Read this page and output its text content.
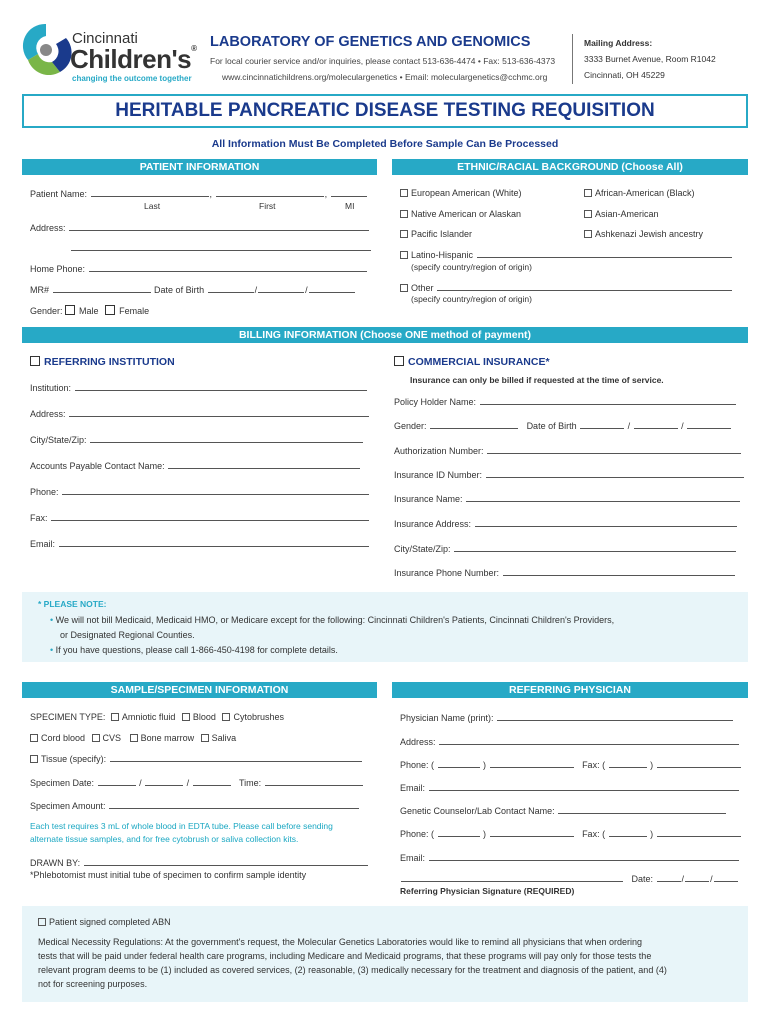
Cincinnati
Children's®
changing the outcome together
LABORATORY OF GENETICS AND GENOMICS
For local courier service and/or inquiries, please contact 513-636-4474 • Fax: 513-636-4373
www.cincinnatichildrens.org/moleculargenetics • Email: moleculargenetics@cchmc.org
Mailing Address:
3333 Burnet Avenue, Room R1042
Cincinnati, OH 45229
HERITABLE PANCREATIC DISEASE TESTING REQUISITION
All Information Must Be Completed Before Sample Can Be Processed
PATIENT INFORMATION	ETHNIC/RACIAL BACKGROUND (Choose All)
Patient Name:	,	,
Last	First	MI
Address:
Home Phone:
MR#	Date of Birth	/	/
Gender: Male Female
European American (White)	African-American (Black)
Native American or Alaskan	Asian-American
Pacific Islander	Ashkenazi Jewish ancestry
Latino-Hispanic
(specify country/region of origin)
Other
(specify country/region of origin)
BILLING INFORMATION (Choose ONE method of payment)
REFERRING INSTITUTION
Institution:
Address:
City/State/Zip:
Accounts Payable Contact Name:
Phone:
Fax:
Email:
COMMERCIAL INSURANCE*
Insurance can only be billed if requested at the time of service.
Policy Holder Name:
Gender:	Date of Birth	/	/
Authorization Number:
Insurance ID Number:
Insurance Name:
Insurance Address:
City/State/Zip:
Insurance Phone Number:
* PLEASE NOTE:
• We will not bill Medicaid, Medicaid HMO, or Medicare except for the following: Cincinnati Children's Patients, Cincinnati Children's Providers,
or Designated Regional Counties.
• If you have questions, please call 1-866-450-4198 for complete details.
SAMPLE/SPECIMEN INFORMATION	REFERRING PHYSICIAN
SPECIMEN TYPE: Amniotic fluid Blood Cytobrushes
Cord blood CVS Bone marrow Saliva
Tissue (specify):
Specimen Date:	/	/	Time:
Specimen Amount:
Each test requires 3 mL of whole blood in EDTA tube. Please call before sending
alternate tissue samples, and for free cytobrush or saliva collection kits.
DRAWN BY:
*Phlebotomist must initial tube of specimen to confirm sample identity
Physician Name (print):
Address:
Phone: (	)	Fax: (	)
Email:
Genetic Counselor/Lab Contact Name:
Phone: (	)	Fax: (	)
Email:
Date:	/	/
Referring Physician Signature (REQUIRED)
Patient signed completed ABN
Medical Necessity Regulations: At the government's request, the Molecular Genetics Laboratories would like to remind all physicians that when ordering
tests that will be paid under federal health care programs, including Medicare and Medicaid programs, that these programs will pay only for those tests the
relevant program deems to be (1) included as covered services, (2) reasonable, (3) medically necessary for the treatment and diagnosis of the patient, and (4)
not for screening purposes.
